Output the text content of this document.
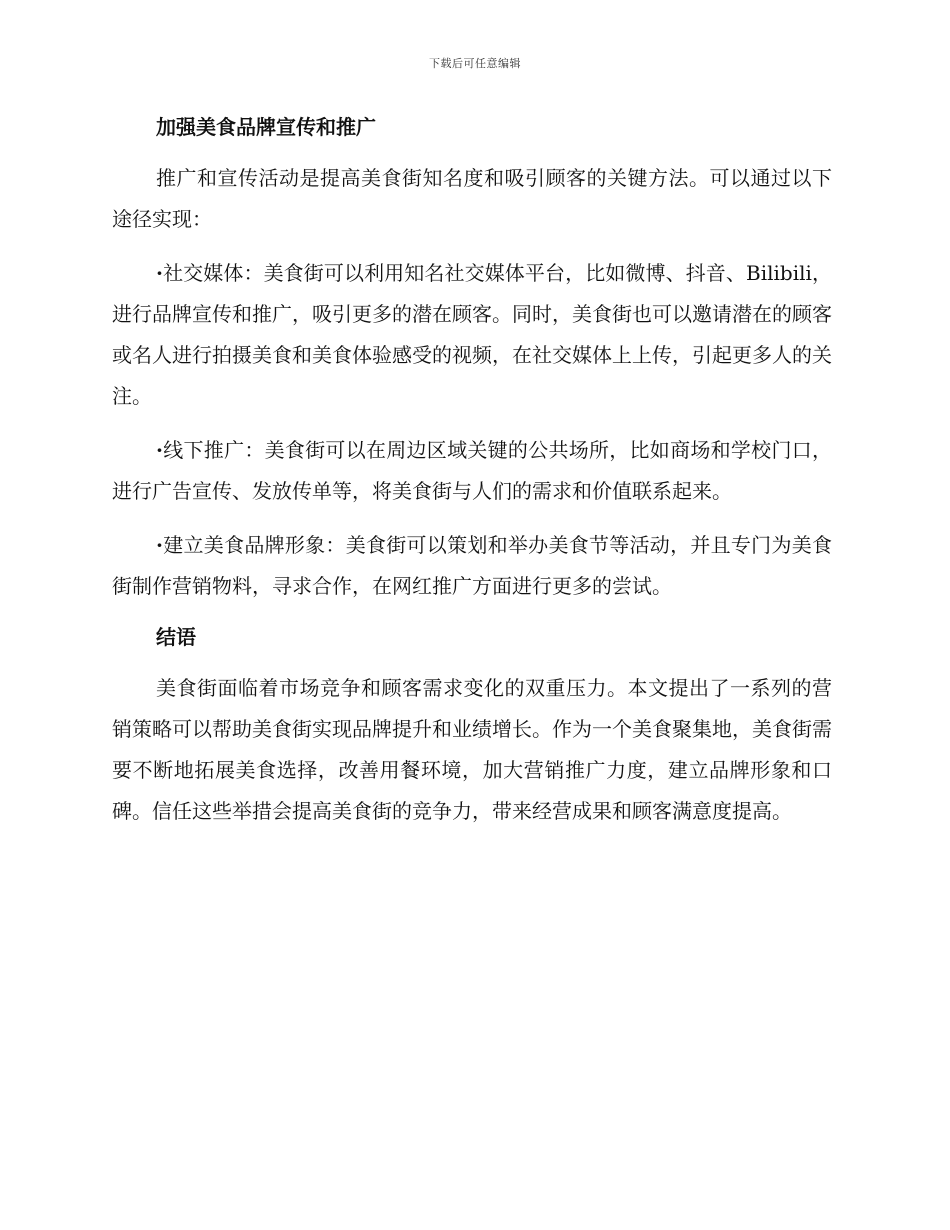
下载后可任意编辑
加强美食品牌宣传和推广

推广和宣传活动是提高美食街知名度和吸引顾客的关键方法。可以通过以下途径实现：

·社交媒体：美食街可以利用知名社交媒体平台，比如微博、抖音、Bilibili，进行品牌宣传和推广，吸引更多的潜在顾客。同时，美食街也可以邀请潜在的顾客或名人进行拍摄美食和美食体验感受的视频，在社交媒体上上传，引起更多人的关注。

·线下推广：美食街可以在周边区域关键的公共场所，比如商场和学校门口，进行广告宣传、发放传单等，将美食街与人们的需求和价值联系起来。

·建立美食品牌形象：美食街可以策划和举办美食节等活动，并且专门为美食街制作营销物料，寻求合作，在网红推广方面进行更多的尝试。

结语

美食街面临着市场竞争和顾客需求变化的双重压力。本文提出了一系列的营销策略可以帮助美食街实现品牌提升和业绩增长。作为一个美食聚集地，美食街需要不断地拓展美食选择，改善用餐环境，加大营销推广力度，建立品牌形象和口碑。信任这些举措会提高美食街的竞争力，带来经营成果和顾客满意度提高。
